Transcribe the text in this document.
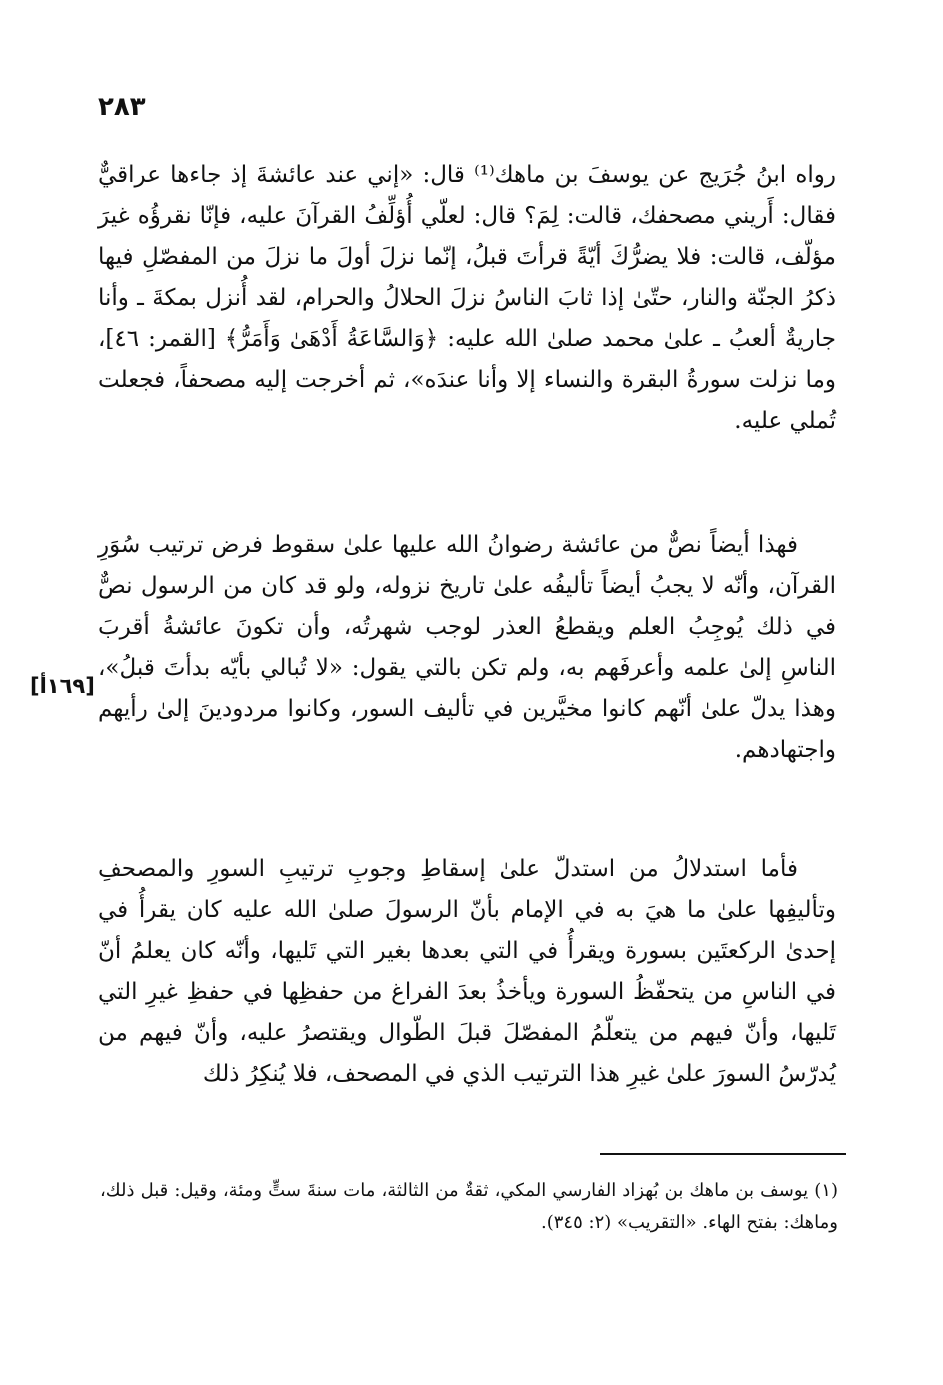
٢٨٣

رواه ابنُ جُرَيج عن يوسفَ بن ماهك⁽¹⁾ قال: «إني عند عائشةَ إذ جاءها عراقيٌّ فقال: أَريني مصحفك، قالت: لِمَ؟ قال: لعلّي أُؤلِّفُ القرآنَ عليه، فإنّا نقرؤُه غيرَ مؤلّف، قالت: فلا يضرُّكَ أيّةً قرأتَ قبلُ، إنّما نزلَ أولَ ما نزلَ من المفصّلِ فيها ذكرُ الجنّة والنار، حتّىٰ إذا ثابَ الناسُ نزلَ الحلالُ والحرام، لقد أُنزل بمكةَ ـ وأنا جاريةٌ ألعبُ ـ علىٰ محمد صلىٰ الله عليه: ﴿وَالسَّاعَةُ أَدْهَىٰ وَأَمَرُّ﴾ [القمر: ٤٦]، وما نزلت سورةُ البقرة والنساء إلا وأنا عندَه»، ثم أخرجت إليه مصحفاً، فجعلت تُملي عليه.

فهذا أيضاً نصٌّ من عائشة رضوانُ الله عليها علىٰ سقوط فرض ترتيب سُوَرِ القرآن، وأنّه لا يجبُ أيضاً تأليفُه علىٰ تاريخ نزوله، ولو قد كان من الرسول نصٌّ في ذلك يُوجِبُ العلم ويقطعُ العذر لوجب شهرتُه، وأن تكونَ عائشةُ أقربَ الناسِ إلىٰ علمه وأعرفَهم به، ولم تكن بالتي يقول: «لا تُبالي بأيّه بدأتَ قبلُ»، وهذا يدلّ علىٰ أنّهم كانوا مخيَّرين في تأليف السور، وكانوا مردودينَ إلىٰ رأيهم واجتهادهم.

[١٦٩أ]

فأما استدلالُ من استدلّ علىٰ إسقاطِ وجوبِ ترتيبِ السورِ والمصحفِ وتأليفِها علىٰ ما هيَ به في الإمام بأنّ الرسولَ صلىٰ الله عليه كان يقرأُ في إحدىٰ الركعتَين بسورة ويقرأُ في التي بعدها بغير التي تَليها، وأنّه كان يعلمُ أنّ في الناسِ من يتحفّظُ السورة ويأخذُ بعدَ الفراغ من حفظِها في حفظِ غيرِ التي تَليها، وأنّ فيهم من يتعلّمُ المفصّلَ قبلَ الطّوال ويقتصرُ عليه، وأنّ فيهم من يُدرّسُ السورَ علىٰ غيرِ هذا الترتيب الذي في المصحف، فلا يُنكِرُ ذلك

(١) يوسف بن ماهك بن بُهزاد الفارسي المكي، ثقةٌ من الثالثة، مات سنةَ ستٍّ ومئة، وقيل: قبل ذلك، وماهك: بفتح الهاء. «التقريب» (٢: ٣٤٥).
